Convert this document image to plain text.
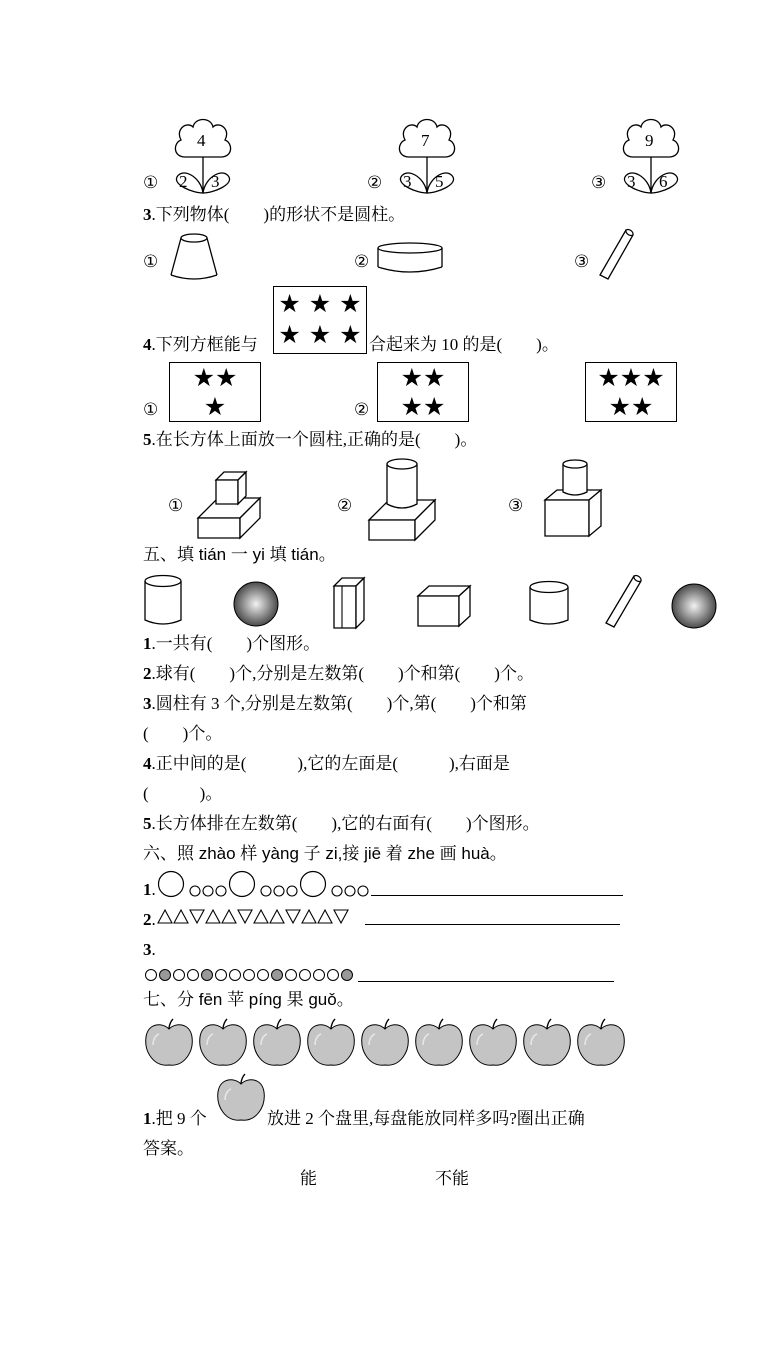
①
4
2 3	②
7
3 5	③
9
3 6
3.下列物体(　　)的形状不是圆柱。
①	②	③
★ ★ ★
★ ★ ★
4.下列方框能与	合起来为 10 的是(　　)。
①
★★
★	②
★★
★★
★★★
★★
5.在长方体上面放一个圆柱,正确的是(　　)。
①	②	③
五、填 tián 一 yi 填 tián。
1.一共有(　　)个图形。
2.球有(　　)个,分别是左数第(　　)个和第(　　)个。
3.圆柱有 3 个,分别是左数第(　　)个,第(　　)个和第
(　　)个。
4.正中间的是(　　　),它的左面是(　　　),右面是
(　　　)。
5.长方体排在左数第(　　),它的右面有(　　)个图形。
六、照 zhào 样 yàng 子 zi,接 jiē 着 zhe 画 huà。
1.
2.
3.
七、分 fēn 苹 píng 果 guǒ。
1.把 9 个	放进 2 个盘里,每盘能放同样多吗?圈出正确
答案。
能	不能
